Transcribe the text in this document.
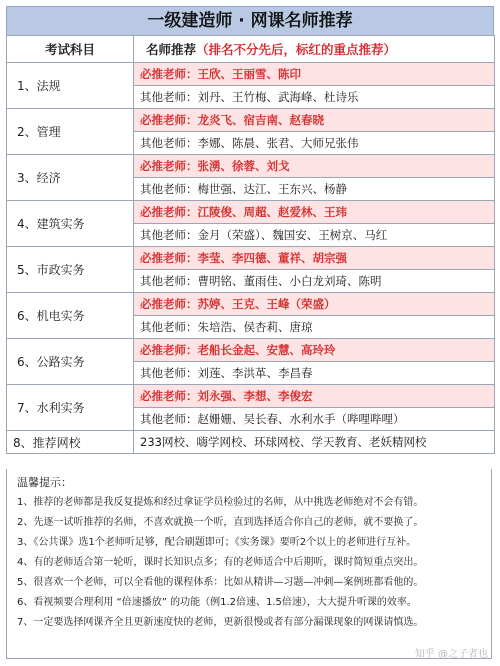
一级建造师 · 网课名师推荐
考试科目	名师推荐（排名不分先后，标红的重点推荐）
1、法规	必推老师：王欣、王丽雪、陈印
	其他老师：刘丹、王竹梅、武海峰、杜诗乐
2、管理	必推老师：龙炎飞、宿吉南、赵春晓
	其他老师：李娜、陈晨、张君、大师兄张伟
3、经济	必推老师：张湧、徐蓉、刘戈
	其他老师：梅世强、达江、王东兴、杨静
4、建筑实务	必推老师：江陵俊、周超、赵爱林、王玮
	其他老师：金月（荣盛）、魏国安、王树京、马红
5、市政实务	必推老师：李莹、李四德、董祥、胡宗强
	其他老师：曹明铭、董雨佳、小白龙刘琦、陈明
6、机电实务	必推老师：苏婷、王克、王峰（荣盛）
	其他老师：朱培浩、侯杏莉、唐琼
6、公路实务	必推老师：老船长金起、安慧、高玲玲
	其他老师：刘莲、李洪革、李昌春
7、水利实务	必推老师：刘永强、李想、李俊宏
	其他老师：赵姗姗、吴长春、水利水手（哔哩哔哩）
8、推荐网校	233网校、嗨学网校、环球网校、学天教育、老妖精网校
温馨提示：
1、推荐的老师都是我反复提炼和经过拿证学员检验过的名师，从中挑选老师绝对不会有错。
2、先逐一试听推荐的名师，不喜欢就换一个听，直到选择适合你自己的老师，就不要换了。
3、《公共课》选1个老师听足够，配合刷题即可；《实务课》要听2个以上的老师进行互补。
4、有的老师适合第一轮听，课时长知识点多；有的老师适合中后期听，课时简短重点突出。
5、很喜欢一个老师，可以全看他的课程体系：比如从精讲—习题—冲刺—案例班都看他的。
6、看视频要合理利用 “倍速播放” 的功能（例1.2倍速、1.5倍速），大大提升听课的效率。
7、一定要选择网课齐全且更新速度快的老师，更新很慢或者有部分漏课现象的网课请慎选。
知乎 @之子者也
